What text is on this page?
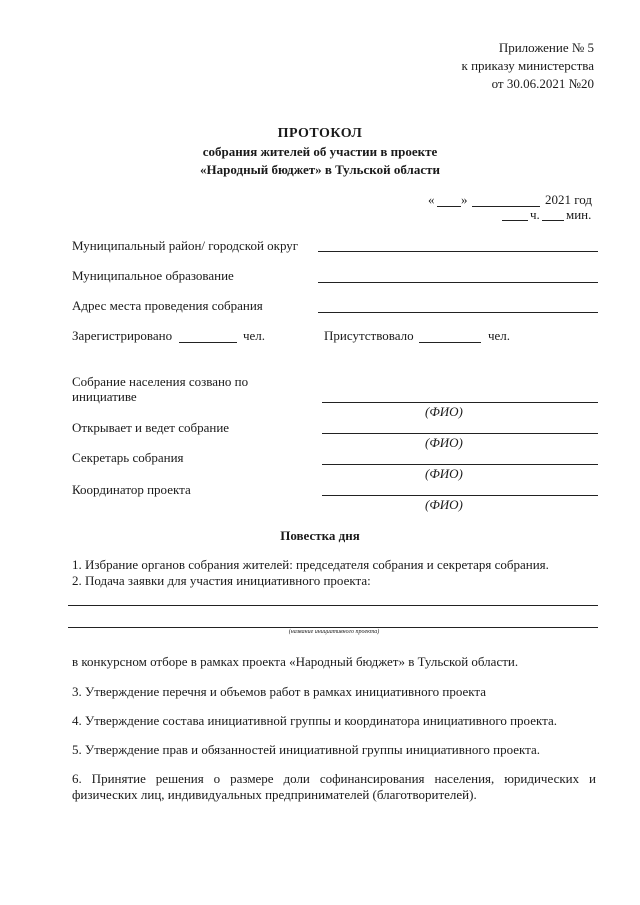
Приложение № 5
к приказу министерства
от 30.06.2021 №20
ПРОТОКОЛ
собрания жителей об участии в проекте
«Народный бюджет» в Тульской области
« »	2021 год
ч. мин.
Муниципальный район/ городской округ
Муниципальное образование
Адрес места проведения собрания
Зарегистрировано	чел.	Присутствовало	чел.
Собрание населения созвано по
инициативе
(ФИО)
Открывает и ведет собрание
(ФИО)
Секретарь собрания
(ФИО)
Координатор проекта
(ФИО)
Повестка дня
1. Избрание органов собрания жителей: председателя собрания и секретаря собрания.
2. Подача заявки для участия инициативного проекта:
(название инициативного проекта)
в конкурсном отборе в рамках проекта «Народный бюджет» в Тульской области.
3. Утверждение перечня и объемов работ в рамках инициативного проекта
4. Утверждение состава инициативной группы и координатора инициативного проекта.
5. Утверждение прав и обязанностей инициативной группы инициативного проекта.
6. Принятие решения о размере доли софинансирования населения, юридических и
физических лиц, индивидуальных предпринимателей (благотворителей).
